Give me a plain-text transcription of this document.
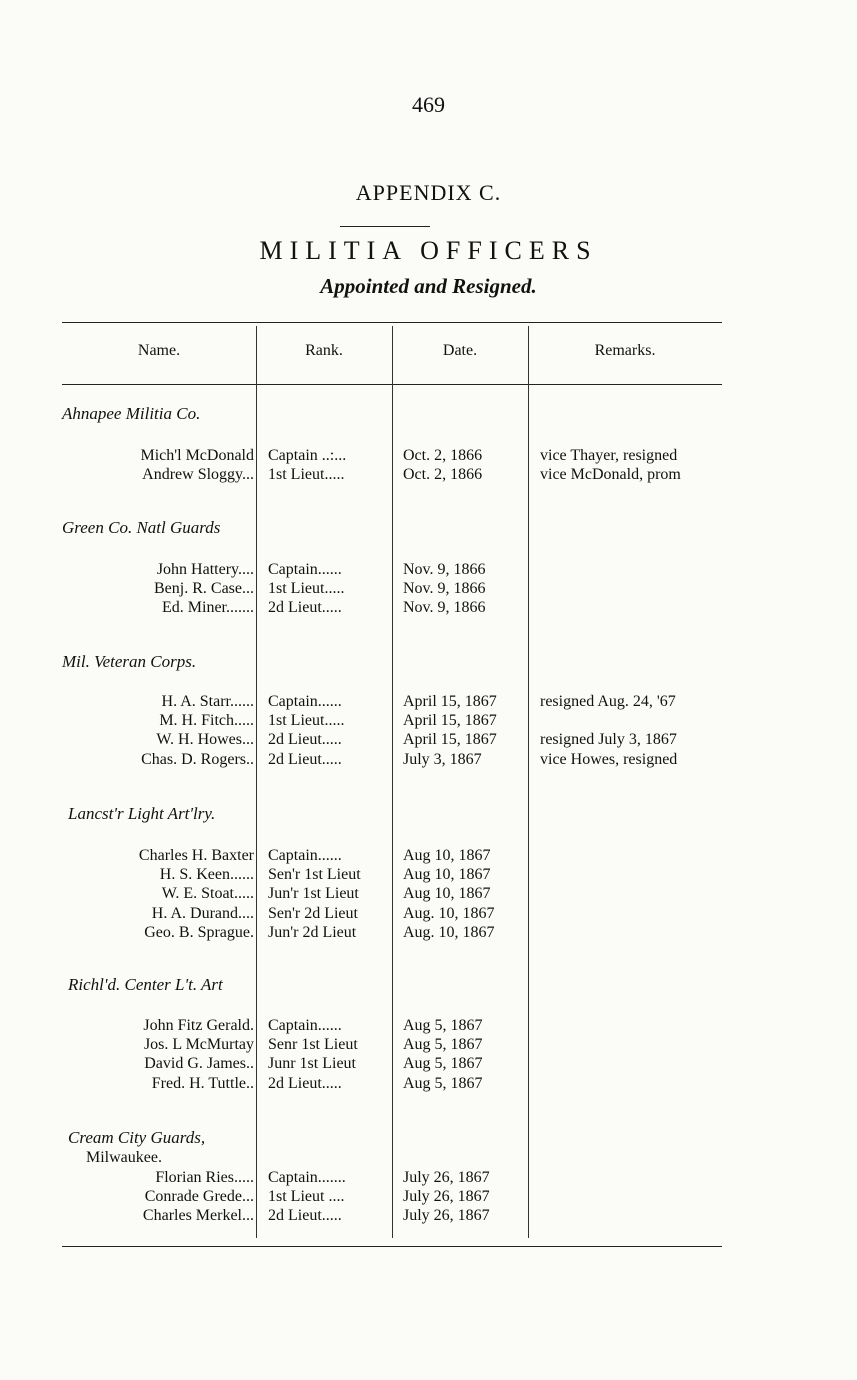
469
APPENDIX C.
MILITIA OFFICERS
Appointed and Resigned.
Name.	Rank.	Date.	Remarks.
Ahnapee Militia Co.
Mich'l McDonald Captain ..:...	Oct. 2, 1866	vice Thayer, resigned
Andrew Sloggy... 1st Lieut.....	Oct. 2, 1866	vice McDonald, prom
Green Co. Natl Guards
John Hattery.... Captain......	Nov. 9, 1866
Benj. R. Case... 1st Lieut.....	Nov. 9, 1866
Ed. Miner....... 2d Lieut.....	Nov. 9, 1866
Mil. Veteran Corps.
H. A. Starr...... Captain......	April 15, 1867	resigned Aug. 24, '67
M. H. Fitch..... 1st Lieut.....	April 15, 1867
W. H. Howes... 2d Lieut.....	April 15, 1867	resigned July 3, 1867
Chas. D. Rogers.. 2d Lieut.....	July 3, 1867	vice Howes, resigned
Lancst'r Light Art'lry.
Charles H. Baxter Captain......	Aug 10, 1867
H. S. Keen...... Sen'r 1st Lieut	Aug 10, 1867
W. E. Stoat..... Jun'r 1st Lieut	Aug 10, 1867
H. A. Durand.... Sen'r 2d Lieut	Aug. 10, 1867
Geo. B. Sprague. Jun'r 2d Lieut	Aug. 10, 1867
Richl'd. Center L't. Art
John Fitz Gerald. Captain......	Aug 5, 1867
Jos. L McMurtay Senr 1st Lieut	Aug 5, 1867
David G. James.. Junr 1st Lieut	Aug 5, 1867
Fred. H. Tuttle.. 2d Lieut.....	Aug 5, 1867
Cream City Guards,
Milwaukee.
Florian Ries..... Captain.......	July 26, 1867
Conrade Grede... 1st Lieut ....	July 26, 1867
Charles Merkel... 2d Lieut.....	July 26, 1867
